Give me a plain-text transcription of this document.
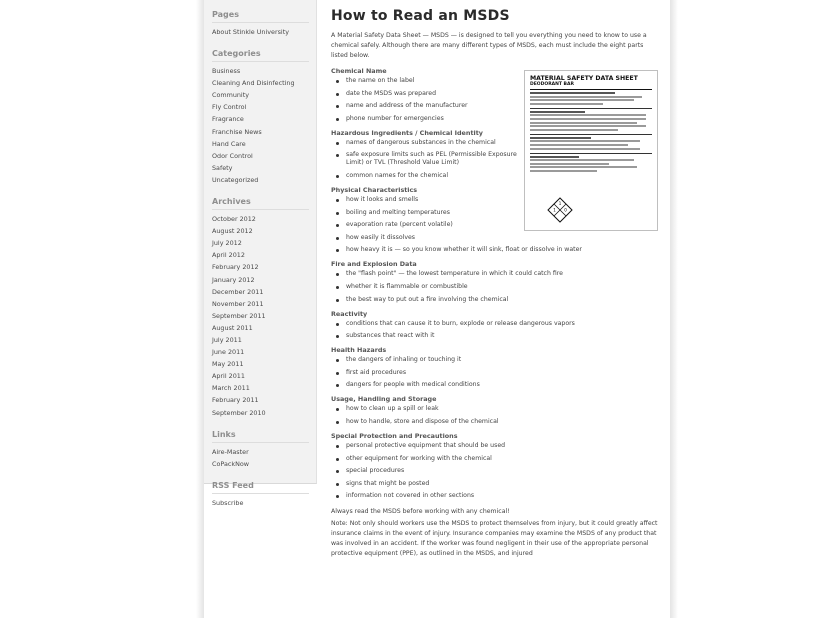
Pages
About Stinkle University
Categories
Business
Cleaning And Disinfecting
Community
Fly Control
Fragrance
Franchise News
Hand Care
Odor Control
Safety
Uncategorized
Archives
October 2012
August 2012
July 2012
April 2012
February 2012
January 2012
December 2011
November 2011
September 2011
August 2011
July 2011
June 2011
May 2011
April 2011
March 2011
February 2011
September 2010
Links
Aire-Master
CoPackNow
RSS Feed
Subscribe
MATERIAL SAFETY DATA SHEET
DEODORANT BAR
1
1 0
How to Read an MSDS

A Material Safety Data Sheet — MSDS — is designed to tell you everything you need to know to use a chemical safely. Although there are many different types of MSDS, each must include the eight parts listed below.

Chemical Name
the name on the label
date the MSDS was prepared
name and address of the manufacturer
phone number for emergencies
Hazardous Ingredients / Chemical Identity
names of dangerous substances in the chemical
safe exposure limits such as PEL (Permissible Exposure Limit) or TVL (Threshold Value Limit)
common names for the chemical
Physical Characteristics
how it looks and smells
boiling and melting temperatures
evaporation rate (percent volatile)
how easily it dissolves
how heavy it is — so you know whether it will sink, float or dissolve in water
Fire and Explosion Data
the "flash point" — the lowest temperature in which it could catch fire
whether it is flammable or combustible
the best way to put out a fire involving the chemical
Reactivity
conditions that can cause it to burn, explode or release dangerous vapors
substances that react with it
Health Hazards
the dangers of inhaling or touching it
first aid procedures
dangers for people with medical conditions
Usage, Handling and Storage
how to clean up a spill or leak
how to handle, store and dispose of the chemical
Special Protection and Precautions
personal protective equipment that should be used
other equipment for working with the chemical
special procedures
signs that might be posted
information not covered in other sections

Always read the MSDS before working with any chemical!

Note: Not only should workers use the MSDS to protect themselves from injury, but it could greatly affect insurance claims in the event of injury. Insurance companies may examine the MSDS of any product that was involved in an accident. If the worker was found negligent in their use of the appropriate personal protective equipment (PPE), as outlined in the MSDS, and injured
